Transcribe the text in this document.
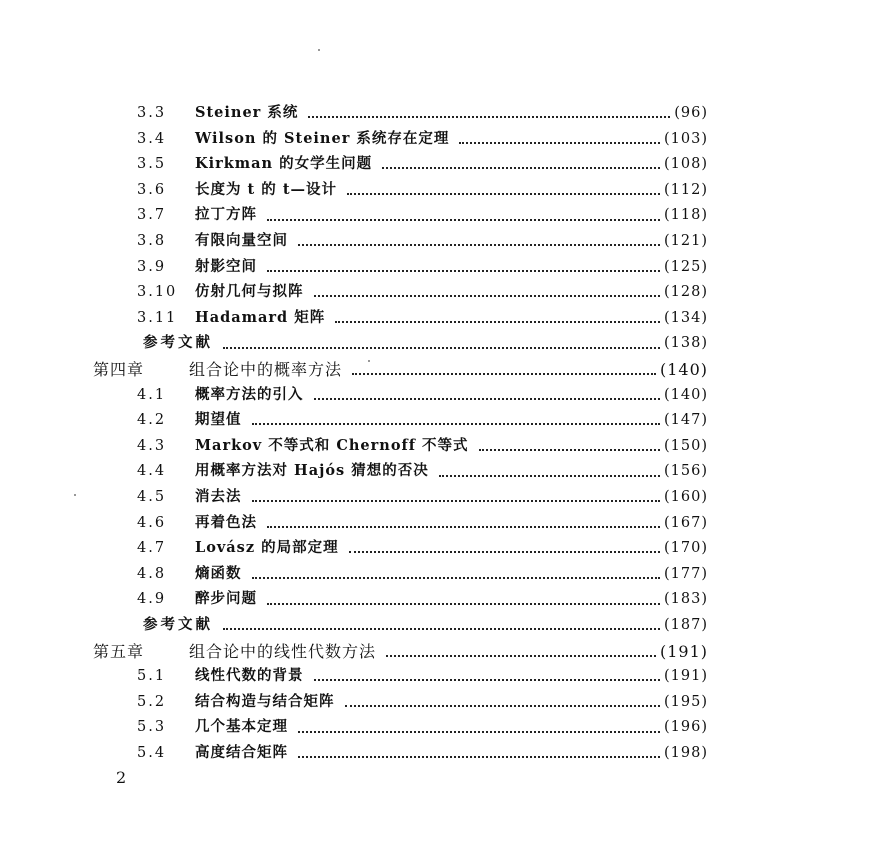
3.3	Steiner 系统	(96)
3.4	Wilson 的 Steiner 系统存在定理	(103)
3.5	Kirkman 的女学生问题	(108)
3.6	长度为 t 的 t—设计	(112)
3.7	拉丁方阵	(118)
3.8	有限向量空间	(121)
3.9	射影空间	(125)
3.10	仿射几何与拟阵	(128)
3.11	Hadamard 矩阵	(134)
参考文献	(138)
第四章	组合论中的概率方法	(140)
4.1	概率方法的引入	(140)
4.2	期望值	(147)
4.3	Markov 不等式和 Chernoff 不等式	(150)
4.4	用概率方法对 Hajós 猜想的否决	(156)
4.5	消去法	(160)
4.6	再着色法	(167)
4.7	Lovász 的局部定理	(170)
4.8	熵函数	(177)
4.9	醉步问题	(183)
参考文献	(187)
第五章	组合论中的线性代数方法	(191)
5.1	线性代数的背景	(191)
5.2	结合构造与结合矩阵	(195)
5.3	几个基本定理	(196)
5.4	高度结合矩阵	(198)
2
